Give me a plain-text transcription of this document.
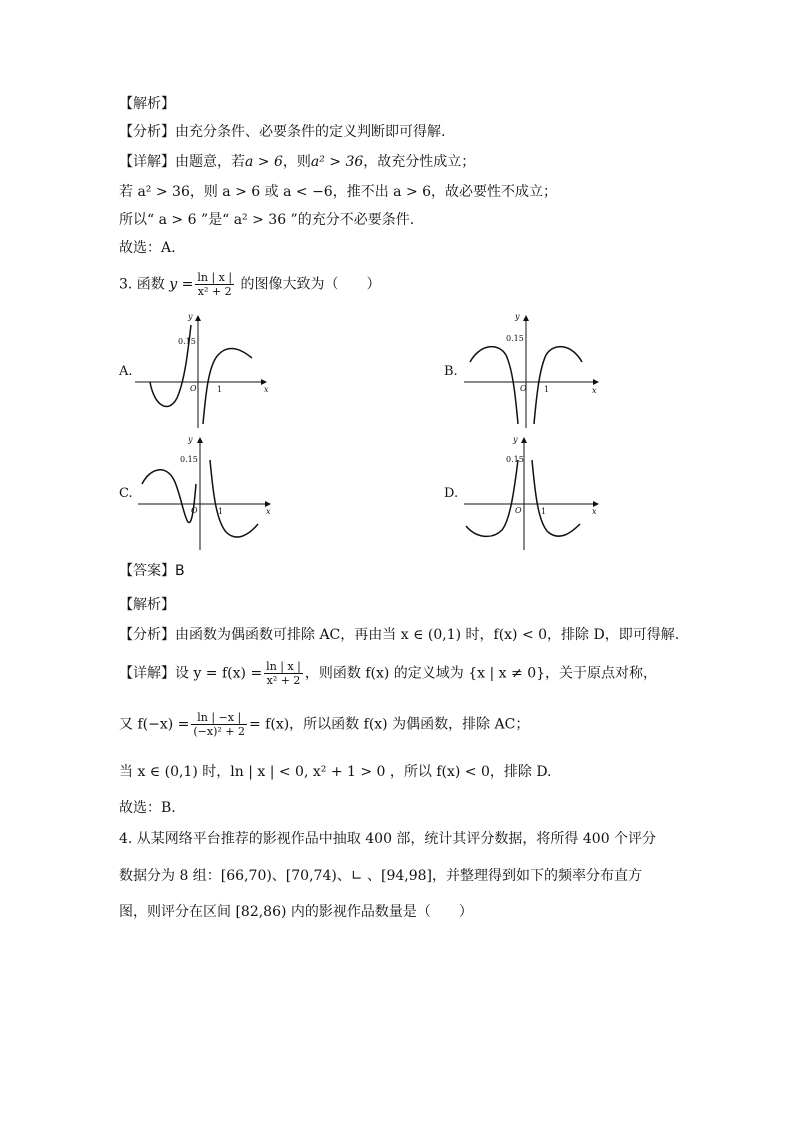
【解析】
【分析】由充分条件、必要条件的定义判断即可得解.
【详解】由题意，若a > 6，则a² > 36，故充分性成立；
若 a² > 36，则 a > 6 或 a < −6，推不出 a > 6，故必要性不成立；
所以“ a > 6 ”是“ a² > 36 ”的充分不必要条件.
故选：A.
3. 函数 $y = \frac{\ln | x |}{\text{x² + 2}}$ 的图像大致为（　　）
A.	B.
C.	D.
y
x
O	1
0.15
y
x
O 1
0.15
y
x
O	1
0.15
y
x
O 1
0.15
【答案】B
【解析】
【分析】由函数为偶函数可排除 AC，再由当 x ∈ (0,1) 时，f(x) < 0，排除 D，即可得解.
【详解】设 $y = f(x) = \frac{\ln | x |}{\text{x² + 2}}$ ，则函数 f(x) 的定义域为 {x | x ≠ 0}，关于原点对称，
又 $f(-x) = \frac{\ln | -x |}{\text{(−x)² + 2}} = f(x)$，所以函数 f(x) 为偶函数，排除 AC；
当 x ∈ (0,1) 时，ln | x | < 0, x² + 1 > 0 ，所以 f(x) < 0，排除 D.
故选：B.
4. 从某网络平台推荐的影视作品中抽取 400 部，统计其评分数据，将所得 400 个评分
数据分为 8 组：[66,70)、[70,74)、∟ 、[94,98]，并整理得到如下的频率分布直方
图，则评分在区间 [82,86) 内的影视作品数量是（　　）
